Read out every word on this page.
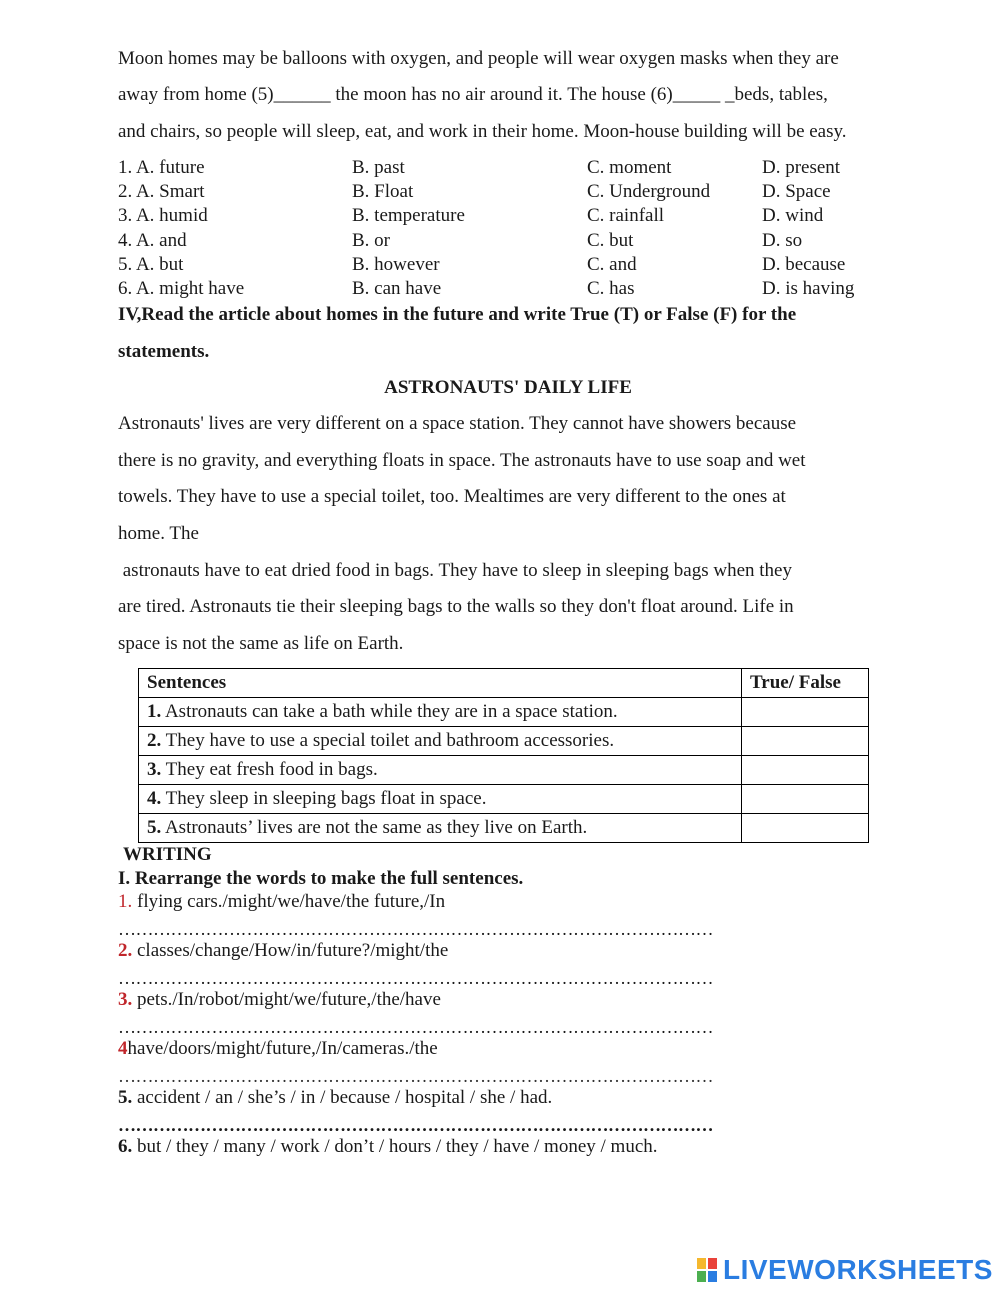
Moon homes may be balloons with oxygen, and people will wear oxygen masks when they are
away from home (5)______ the moon has no air around it. The house (6)_____ _beds, tables,
and chairs, so people will sleep, eat, and work in their home. Moon-house building will be easy.
1. A. future	B. past	C. moment	D. present
2. A. Smart	B. Float	C. Underground	D. Space
3. A. humid	B. temperature	C. rainfall	D. wind
4. A. and	B. or	C. but	D. so
5. A. but	B. however	C. and	D. because
6. A. might have	B. can have	C. has	D. is having
IV,Read the article about homes in the future and write True (T) or False (F) for the
statements.
ASTRONAUTS' DAILY LIFE
Astronauts' lives are very different on a space station. They cannot have showers because
there is no gravity, and everything floats in space. The astronauts have to use soap and wet
towels. They have to use a special toilet, too. Mealtimes are very different to the ones at
home. The
astronauts have to eat dried food in bags. They have to sleep in sleeping bags when they
are tired. Astronauts tie their sleeping bags to the walls so they don't float around. Life in
space is not the same as life on Earth.
Sentences	True/ False
1. Astronauts can take a bath while they are in a space station.	
2. They have to use a special toilet and bathroom accessories.	
3. They eat fresh food in bags.	
4. They sleep in sleeping bags float in space.	
5. Astronauts’ lives are not the same as they live on Earth.	
WRITING
I. Rearrange the words to make the full sentences.
1. flying cars./might/we/have/the future,/In
…………………………………………………………………………………………
2. classes/change/How/in/future?/might/the
…………………………………………………………………………………………
3. pets./In/robot/might/we/future,/the/have
…………………………………………………………………………………………
4have/doors/might/future,/In/cameras./the
…………………………………………………………………………………………
5. accident / an / she’s / in / because / hospital / she / had.
…………………………………………………………………………………………
6. but / they / many / work / don’t / hours / they / have / money / much.
LIVEWORKSHEETS
